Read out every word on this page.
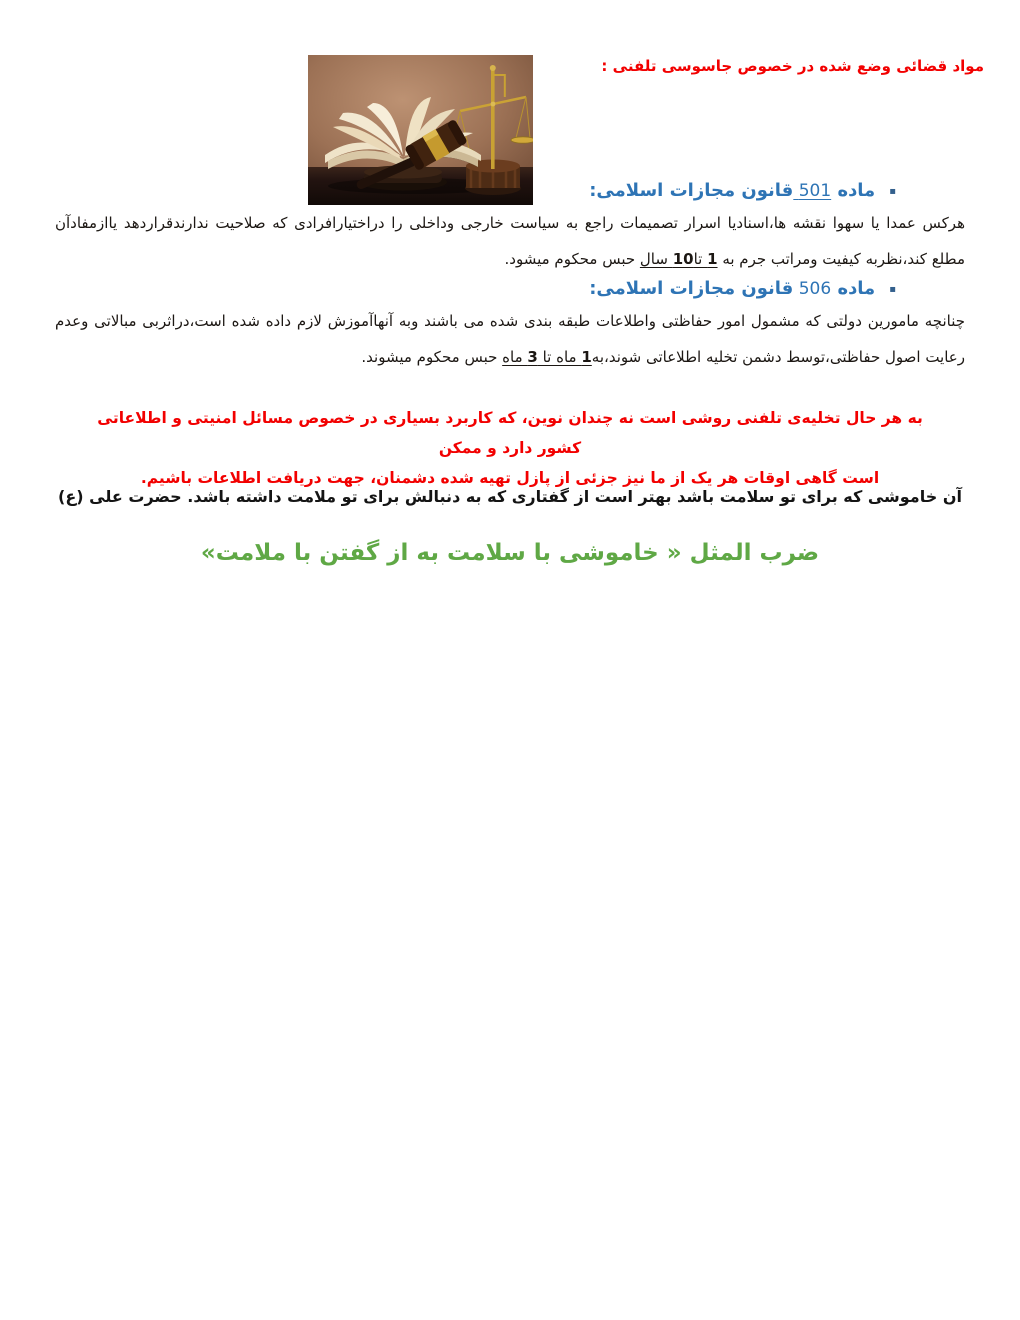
مواد قضائی وضع شده در خصوص جاسوسی تلفنی :
▪
ماده 501 قانون مجازات اسلامی:
هرکس عمدا یا سهوا نقشه ها،اسنادیا اسرار تصمیمات راجع به سیاست خارجی وداخلی را دراختیارافرادی که صلاحیت ندارندقراردهد یاازمفادآن
مطلع کند،نظربه کیفیت ومراتب جرم به 1 تا10 سال حبس محکوم میشود.
▪
ماده 506 قانون مجازات اسلامی:
چنانچه مامورین دولتی که مشمول امور حفاظتی واطلاعات طبقه بندی شده می باشند وبه آنهاآموزش لازم داده شده است،دراثربی مبالاتی وعدم
رعایت اصول حفاظتی،توسط دشمن تخلیه اطلاعاتی شوند،به1 ماه تا 3 ماه حبس محکوم میشوند.
به هر حال تخلیه‌ی تلفنی روشی است نه چندان نوین، که کاربرد بسیاری در خصوص مسائل امنیتی و اطلاعاتی کشور دارد و ممکن
است گاهی اوقات هر یک از ما نیز جزئی از پازل تهیه شده دشمنان، جهت دریافت اطلاعات باشیم.
آن خاموشی که برای تو سلامت باشد بهتر است از گفتاری که به دنبالش برای تو ملامت داشته باشد. حضرت علی (ع)
ضرب المثل « خاموشی با سلامت به از گفتن با ملامت»
